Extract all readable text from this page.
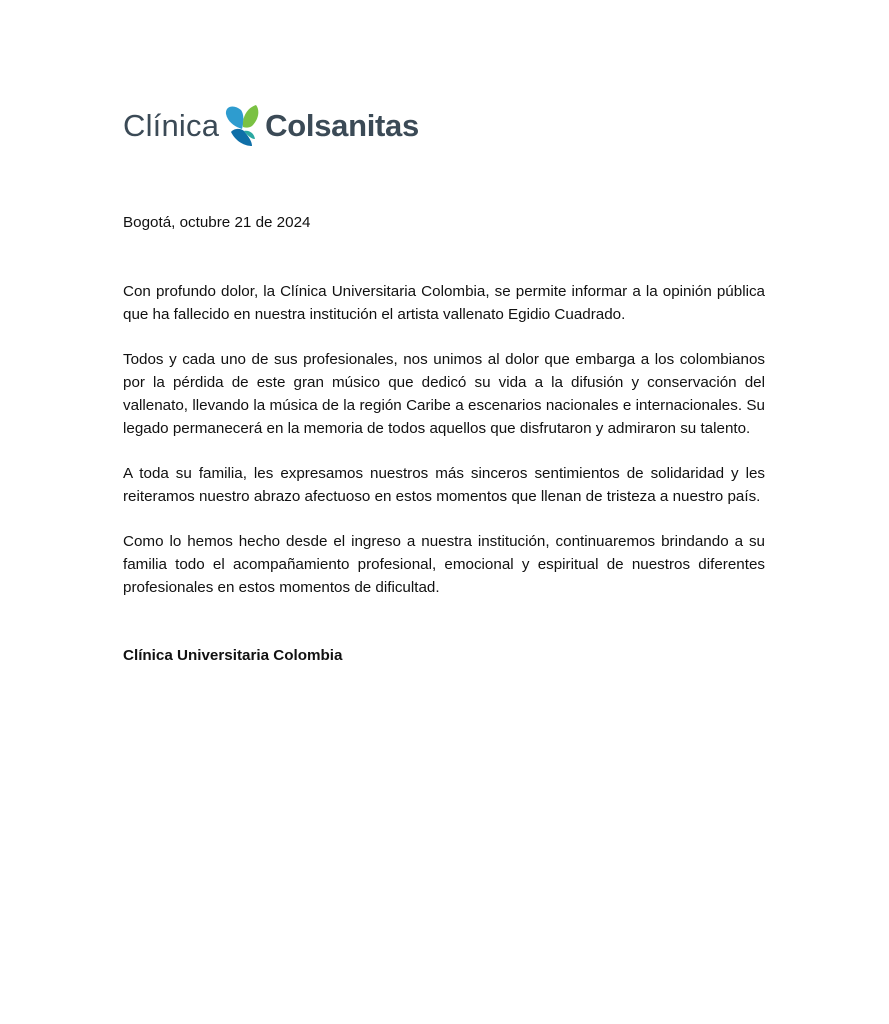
Clínica Colsanitas

Bogotá, octubre 21 de 2024

Con profundo dolor, la Clínica Universitaria Colombia, se permite informar a la opinión pública que ha fallecido en nuestra institución el artista vallenato Egidio Cuadrado.

Todos y cada uno de sus profesionales, nos unimos al dolor que embarga a los colombianos por la pérdida de este gran músico que dedicó su vida a la difusión y conservación del vallenato, llevando la música de la región Caribe a escenarios nacionales e internacionales. Su legado permanecerá en la memoria de todos aquellos que disfrutaron y admiraron su talento.

A toda su familia, les expresamos nuestros más sinceros sentimientos de solidaridad y les reiteramos nuestro abrazo afectuoso en estos momentos que llenan de tristeza a nuestro país.

Como lo hemos hecho desde el ingreso a nuestra institución, continuaremos brindando a su familia todo el acompañamiento profesional, emocional y espiritual de nuestros diferentes profesionales en estos momentos de dificultad.

Clínica Universitaria Colombia
